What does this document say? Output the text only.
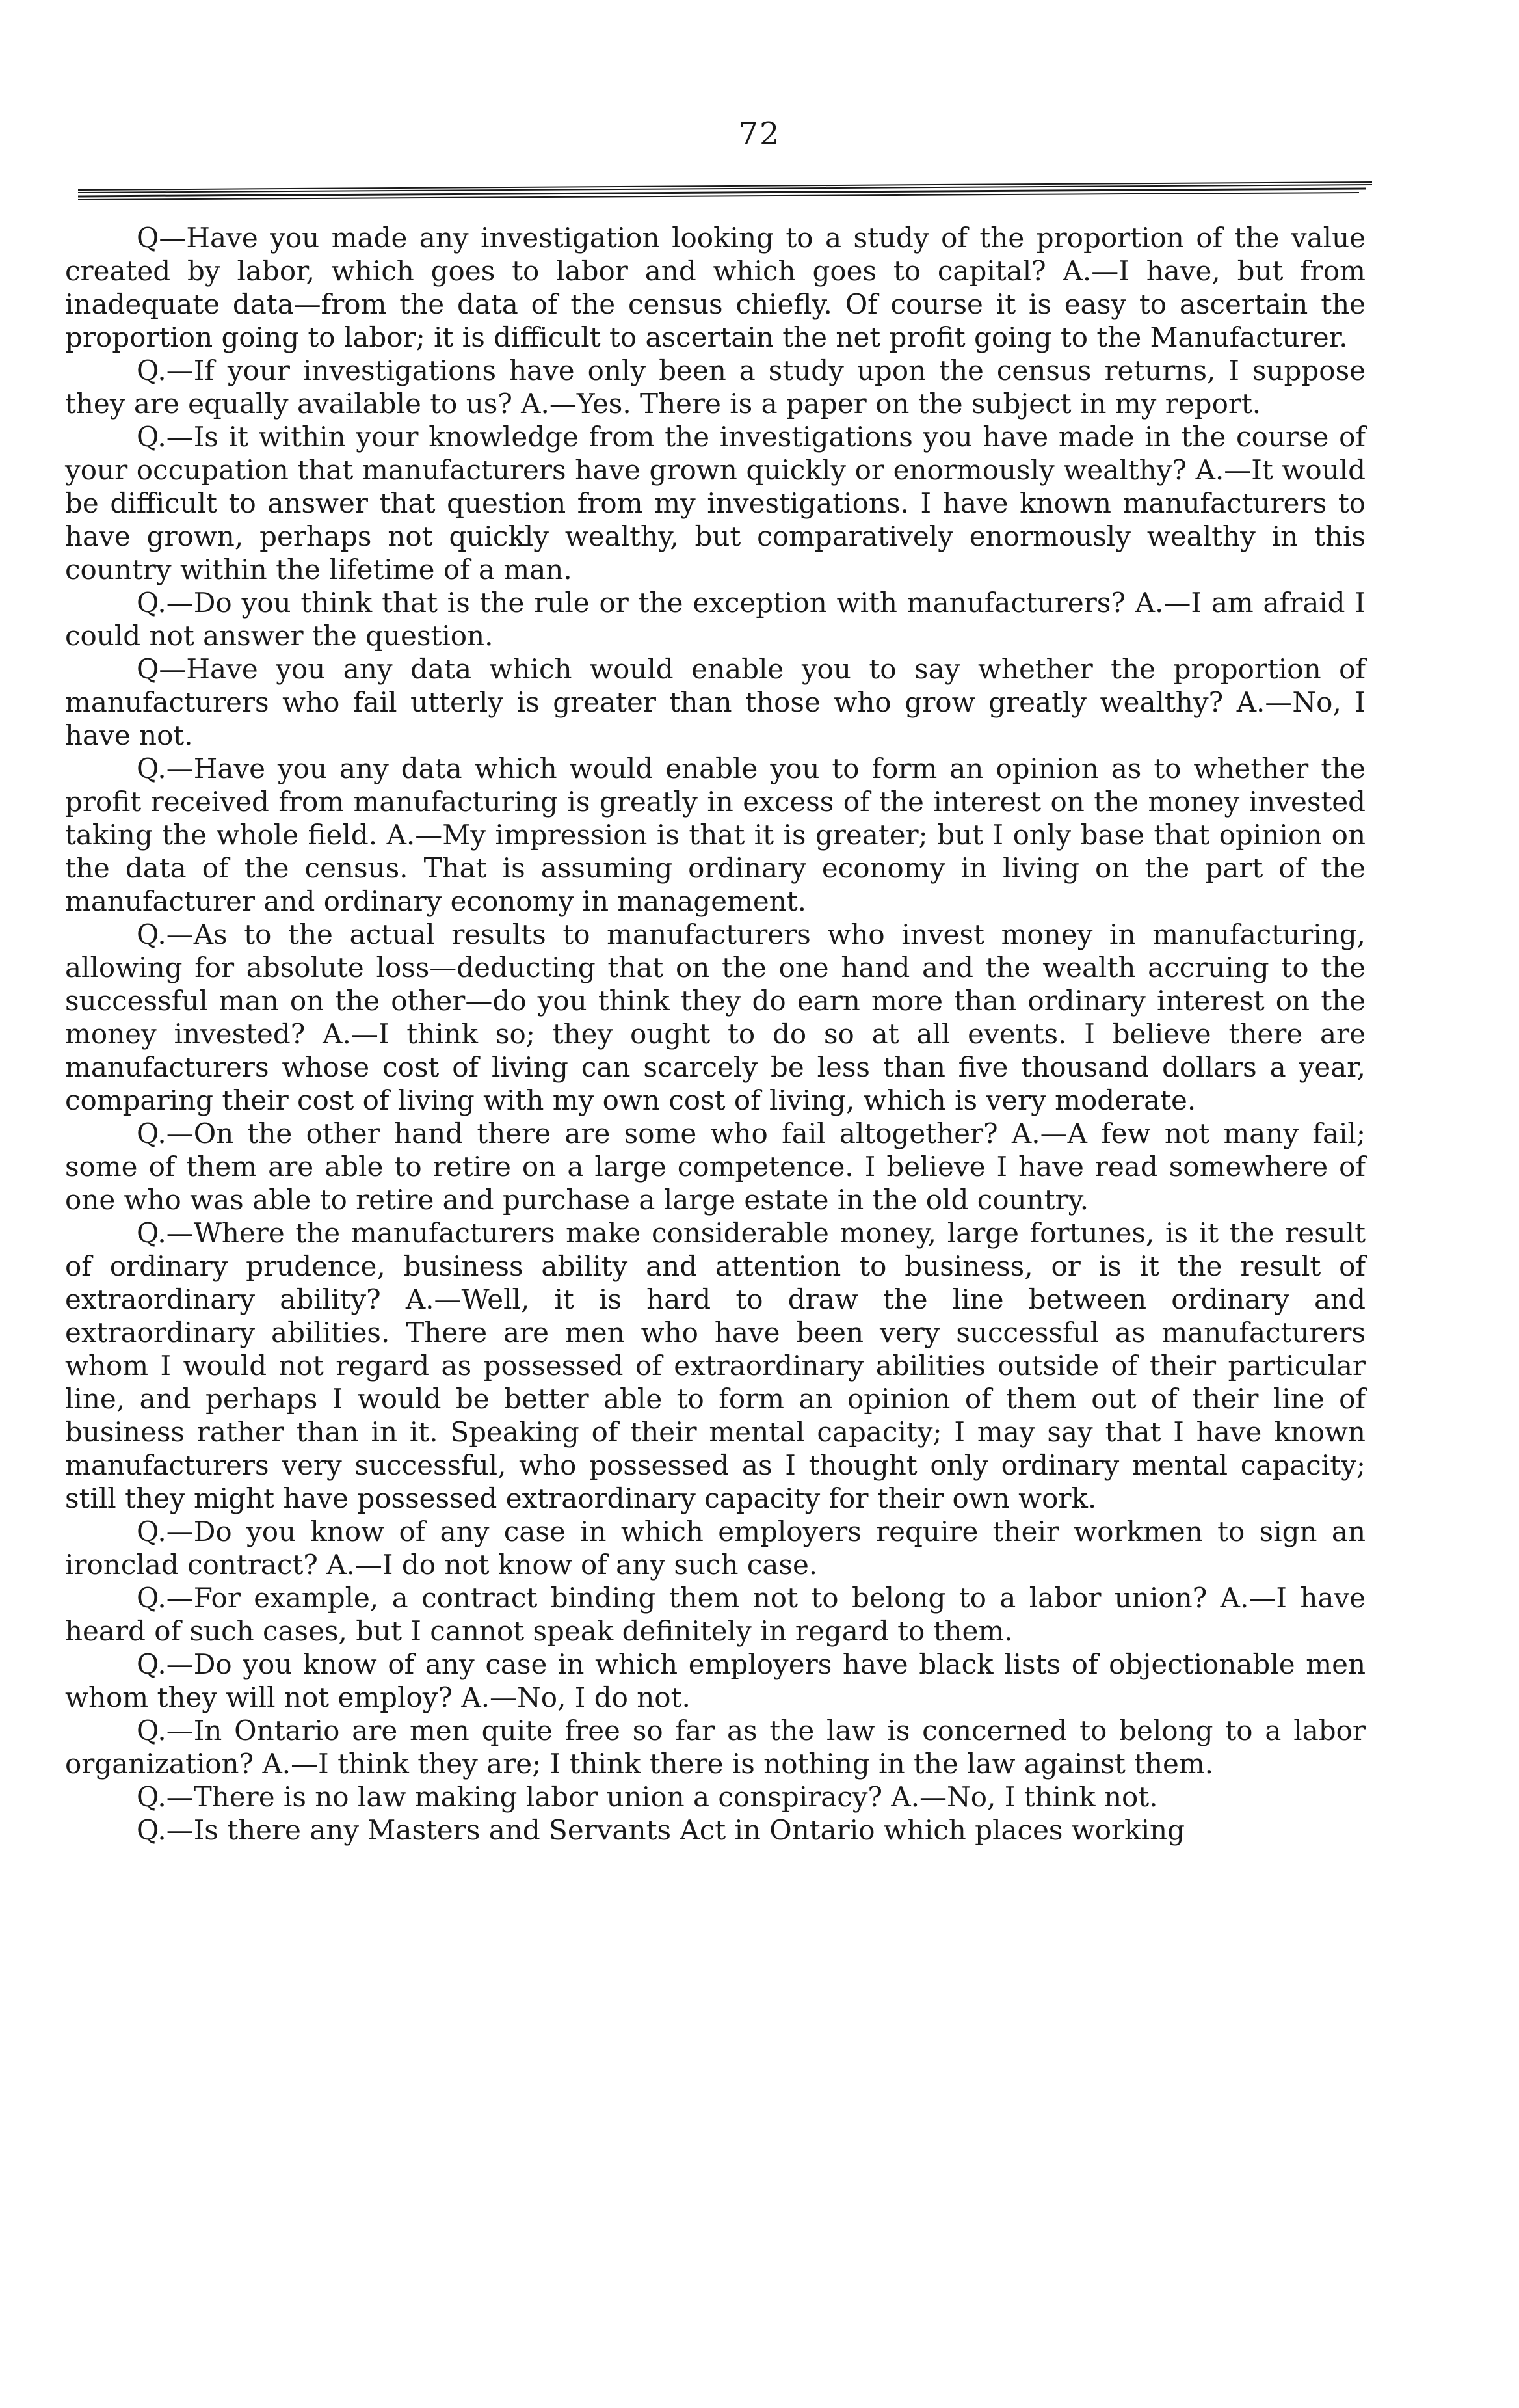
72

Q—Have you made any investigation looking to a study of the proportion of the value created by labor, which goes to labor and which goes to capital? A.—I have, but from inadequate data—from the data of the census chiefly. Of course it is easy to ascertain the proportion going to labor; it is difficult to ascertain the net profit going to the Manufacturer.

Q.—If your investigations have only been a study upon the census returns, I suppose they are equally available to us? A.—Yes. There is a paper on the subject in my report.

Q.—Is it within your knowledge from the investigations you have made in the course of your occupation that manufacturers have grown quickly or enormously wealthy? A.—It would be difficult to answer that question from my investigations. I have known manufacturers to have grown, perhaps not quickly wealthy, but comparatively enormously wealthy in this country within the lifetime of a man.

Q.—Do you think that is the rule or the exception with manufacturers? A.—I am afraid I could not answer the question.

Q—Have you any data which would enable you to say whether the proportion of manufacturers who fail utterly is greater than those who grow greatly wealthy? A.—No, I have not.

Q.—Have you any data which would enable you to form an opinion as to whether the profit received from manufacturing is greatly in excess of the interest on the money invested taking the whole field. A.—My impression is that it is greater; but I only base that opinion on the data of the census. That is assuming ordinary economy in living on the part of the manufacturer and ordinary economy in management.

Q.—As to the actual results to manufacturers who invest money in manufacturing, allowing for absolute loss—deducting that on the one hand and the wealth accruing to the successful man on the other—do you think they do earn more than ordinary interest on the money invested? A.—I think so; they ought to do so at all events. I believe there are manufacturers whose cost of living can scarcely be less than five thousand dollars a year, comparing their cost of living with my own cost of living, which is very moderate.

Q.—On the other hand there are some who fail altogether? A.—A few not many fail; some of them are able to retire on a large competence. I believe I have read somewhere of one who was able to retire and purchase a large estate in the old country.

Q.—Where the manufacturers make considerable money, large fortunes, is it the result of ordinary prudence, business ability and attention to business, or is it the result of extraordinary ability? A.—Well, it is hard to draw the line between ordinary and extraordinary abilities. There are men who have been very successful as manufacturers whom I would not regard as possessed of extraordinary abilities outside of their particular line, and perhaps I would be better able to form an opinion of them out of their line of business rather than in it. Speaking of their mental capacity; I may say that I have known manufacturers very successful, who possessed as I thought only ordinary mental capacity; still they might have possessed extraordinary capacity for their own work.

Q.—Do you know of any case in which employers require their workmen to sign an ironclad contract? A.—I do not know of any such case.

Q.—For example, a contract binding them not to belong to a labor union? A.—I have heard of such cases, but I cannot speak definitely in regard to them.

Q.—Do you know of any case in which employers have black lists of objectionable men whom they will not employ? A.—No, I do not.

Q.—In Ontario are men quite free so far as the law is concerned to belong to a labor organization? A.—I think they are; I think there is nothing in the law against them.

Q.—There is no law making labor union a conspiracy? A.—No, I think not.

Q.—Is there any Masters and Servants Act in Ontario which places working
